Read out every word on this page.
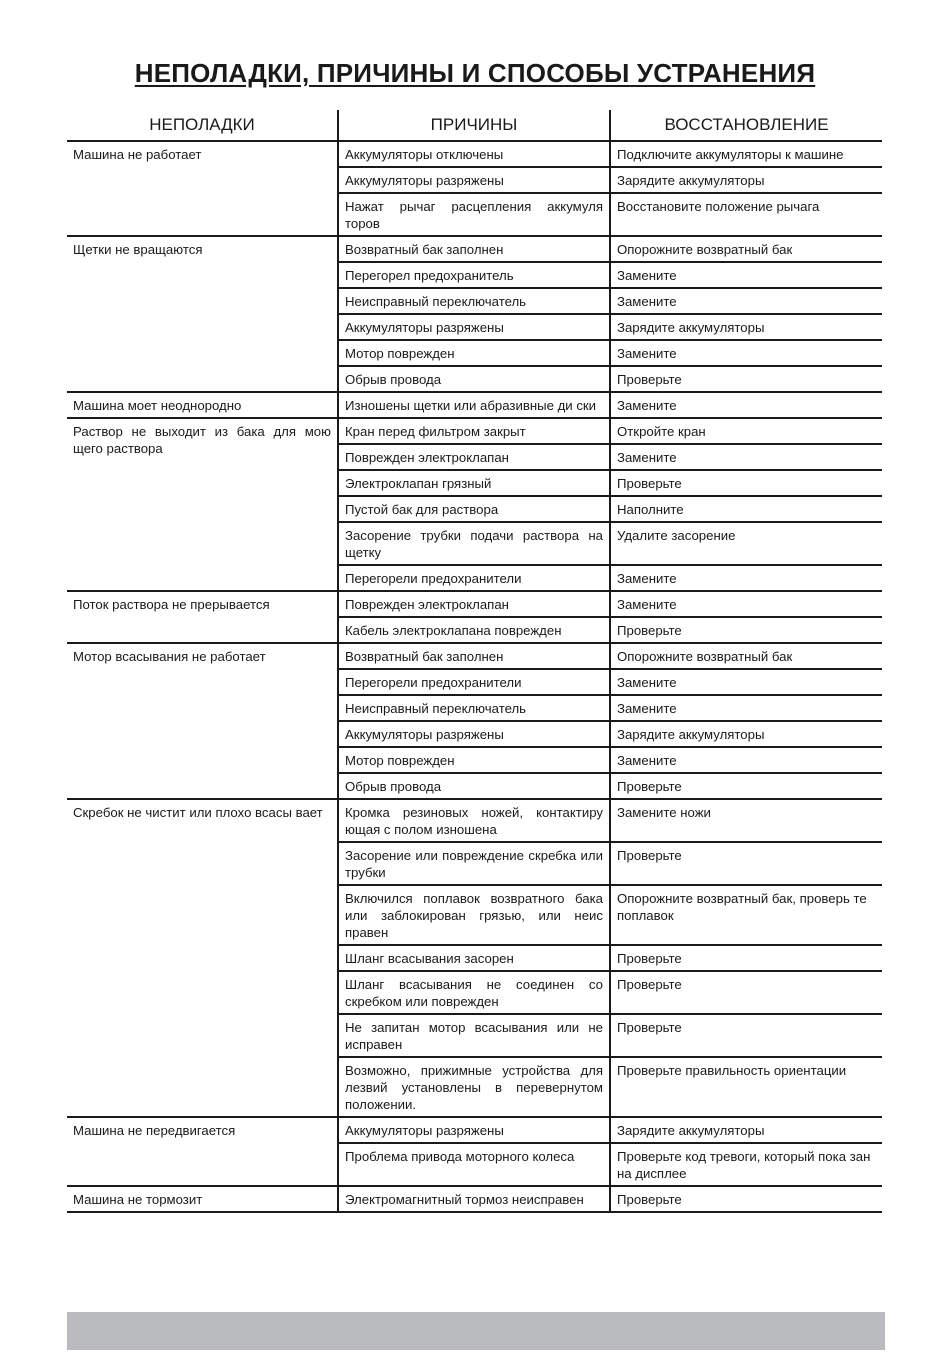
НЕПОЛАДКИ, ПРИЧИНЫ И СПОСОБЫ УСТРАНЕНИЯ
НЕПОЛАДКИ	ПРИЧИНЫ	ВОССТАНОВЛЕНИЕ
Машина не работает	Аккумуляторы отключены	Подключите аккумуляторы к машине
	Аккумуляторы разряжены	Зарядите аккумуляторы
	Нажат рычаг расцепления аккумуля торов	Восстановите положение рычага
Щетки не вращаются	Возвратный бак заполнен	Опорожните возвратный бак
	Перегорел предохранитель	Замените
	Неисправный переключатель	Замените
	Аккумуляторы разряжены	Зарядите аккумуляторы
	Мотор поврежден	Замените
	Обрыв провода	Проверьте
Машина моет неоднородно	Изношены щетки или абразивные ди ски	Замените
Раствор не выходит из бака для мою щего раствора	Кран перед фильтром закрыт	Откройте кран
	Поврежден электроклапан	Замените
	Электроклапан грязный	Проверьте
	Пустой бак для раствора	Наполните
	Засорение трубки подачи раствора на щетку	Удалите засорение
	Перегорели предохранители	Замените
Поток раствора не прерывается	Поврежден электроклапан	Замените
	Кабель электроклапана поврежден	Проверьте
Мотор всасывания не работает	Возвратный бак заполнен	Опорожните возвратный бак
	Перегорели предохранители	Замените
	Неисправный переключатель	Замените
	Аккумуляторы разряжены	Зарядите аккумуляторы
	Мотор поврежден	Замените
	Обрыв провода	Проверьте
Скребок не чистит или плохо всасы вает	Кромка резиновых ножей, контактиру ющая с полом изношена	Замените ножи
	Засорение или повреждение скребка или трубки	Проверьте
	Включился поплавок возвратного бака или заблокирован грязью, или неис правен	Опорожните возвратный бак, проверь те поплавок
	Шланг всасывания засорен	Проверьте
	Шланг всасывания не соединен со скребком или поврежден	Проверьте
	Не запитан мотор всасывания или не исправен	Проверьте
	Возможно, прижимные устройства для лезвий установлены в перевернутом положении.	Проверьте правильность ориентации
Машина не передвигается	Аккумуляторы разряжены	Зарядите аккумуляторы
	Проблема привода моторного колеса	Проверьте код тревоги, который пока зан на дисплее
Машина не тормозит	Электромагнитный тормоз неисправен	Проверьте
